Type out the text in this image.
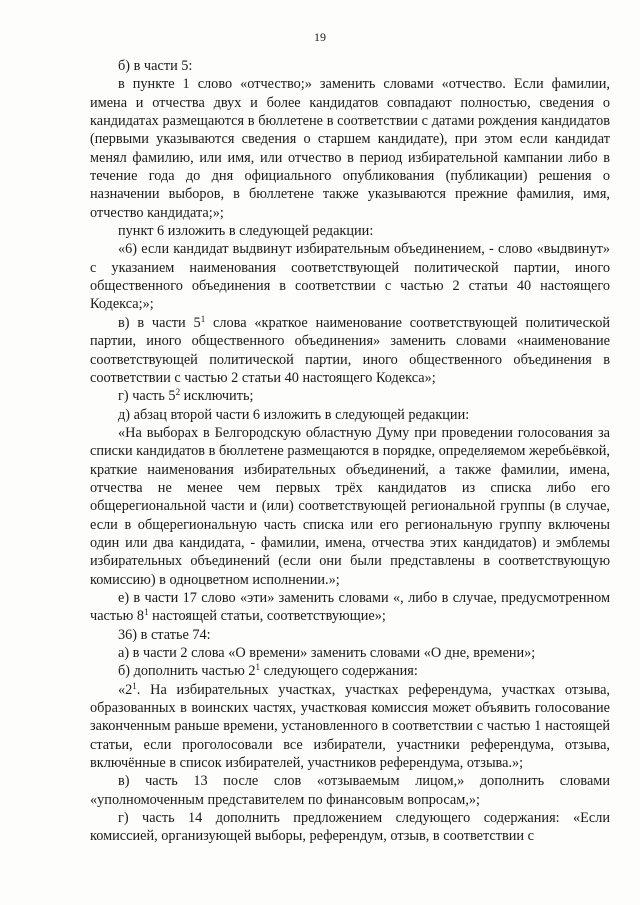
19

б) в части 5:

в пункте 1 слово «отчество;» заменить словами «отчество. Если фамилии, имена и отчества двух и более кандидатов совпадают полностью, сведения о кандидатах размещаются в бюллетене в соответствии с датами рождения кандидатов (первыми указываются сведения о старшем кандидате), при этом если кандидат менял фамилию, или имя, или отчество в период избирательной кампании либо в течение года до дня официального опубликования (публикации) решения о назначении выборов, в бюллетене также указываются прежние фамилия, имя, отчество кандидата;»;

пункт 6 изложить в следующей редакции:

«6) если кандидат выдвинут избирательным объединением, - слово «выдвинут» с указанием наименования соответствующей политической партии, иного общественного объединения в соответствии с частью 2 статьи 40 настоящего Кодекса;»;

в) в части $5^1$ слова «краткое наименование соответствующей политической партии, иного общественного объединения» заменить словами «наименование соответствующей политической партии, иного общественного объединения в соответствии с частью 2 статьи 40 настоящего Кодекса»;

г) часть $5^2$ исключить;

д) абзац второй части 6 изложить в следующей редакции:

«На выборах в Белгородскую областную Думу при проведении голосования за списки кандидатов в бюллетене размещаются в порядке, определяемом жеребьёвкой, краткие наименования избирательных объединений, а также фамилии, имена, отчества не менее чем первых трёх кандидатов из списка либо его общерегиональной части и (или) соответствующей региональной группы (в случае, если в общерегиональную часть списка или его региональную группу включены один или два кандидата, - фамилии, имена, отчества этих кандидатов) и эмблемы избирательных объединений (если они были представлены в соответствующую комиссию) в одноцветном исполнении.»;

е) в части 17 слово «эти» заменить словами «, либо в случае, предусмотренном частью $8^1$ настоящей статьи, соответствующие»;

36) в статье 74:

а) в части 2 слова «О времени» заменить словами «О дне, времени»;

б) дополнить частью $2^1$ следующего содержания:

«$2^1$. На избирательных участках, участках референдума, участках отзыва, образованных в воинских частях, участковая комиссия может объявить голосование законченным раньше времени, установленного в соответствии с частью 1 настоящей статьи, если проголосовали все избиратели, участники референдума, отзыва, включённые в список избирателей, участников референдума, отзыва.»;

в) часть 13 после слов «отзываемым лицом,» дополнить словами «уполномоченным представителем по финансовым вопросам,»;

г) часть 14 дополнить предложением следующего содержания: «Если комиссией, организующей выборы, референдум, отзыв, в соответствии с
